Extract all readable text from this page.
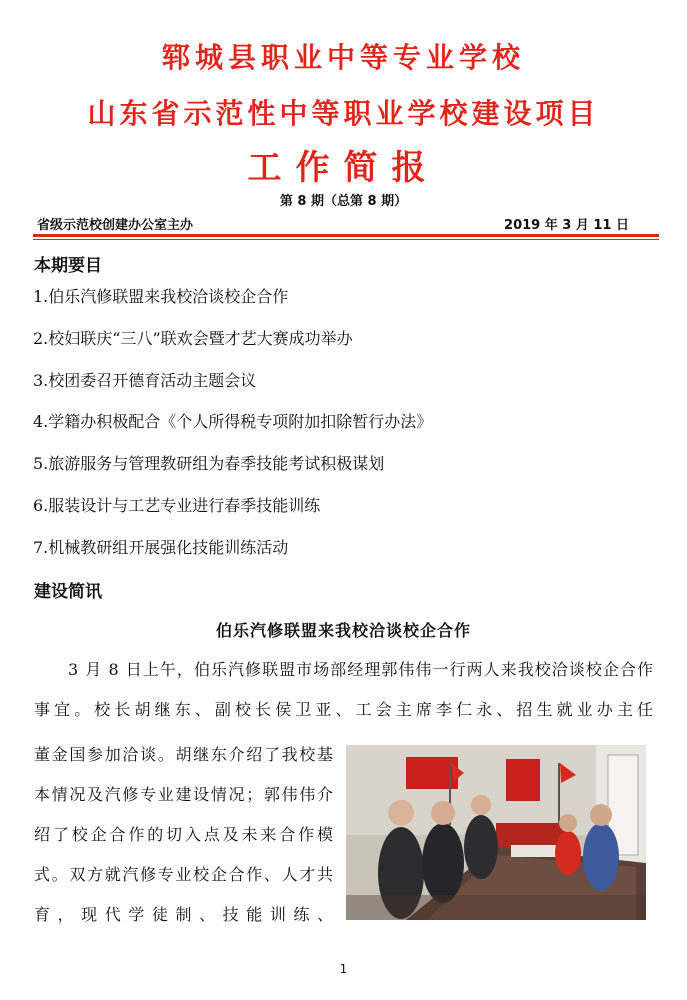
郓城县职业中等专业学校
山东省示范性中等职业学校建设项目
工作简报
第 8 期（总第 8 期）
省级示范校创建办公室主办	2019 年 3 月 11 日
本期要目
1.伯乐汽修联盟来我校洽谈校企合作
2.校妇联庆“三八”联欢会暨才艺大赛成功举办
3.校团委召开德育活动主题会议
4.学籍办积极配合《个人所得税专项附加扣除暂行办法》
5.旅游服务与管理教研组为春季技能考试积极谋划
6.服装设计与工艺专业进行春季技能训练
7.机械教研组开展强化技能训练活动
建设简讯
伯乐汽修联盟来我校洽谈校企合作
3 月 8 日上午，伯乐汽修联盟市场部经理郭伟伟一行两人来我校洽谈校企合作事宜。校长胡继东、副校长侯卫亚、工会主席李仁永、招生就业办主任
董金国参加洽谈。胡继东介绍了我校基本情况及汽修专业建设情况；郭伟伟介绍了校企合作的切入点及未来合作模式。双方就汽修专业校企合作、人才共育，现代学徒制、技能训练、
1
